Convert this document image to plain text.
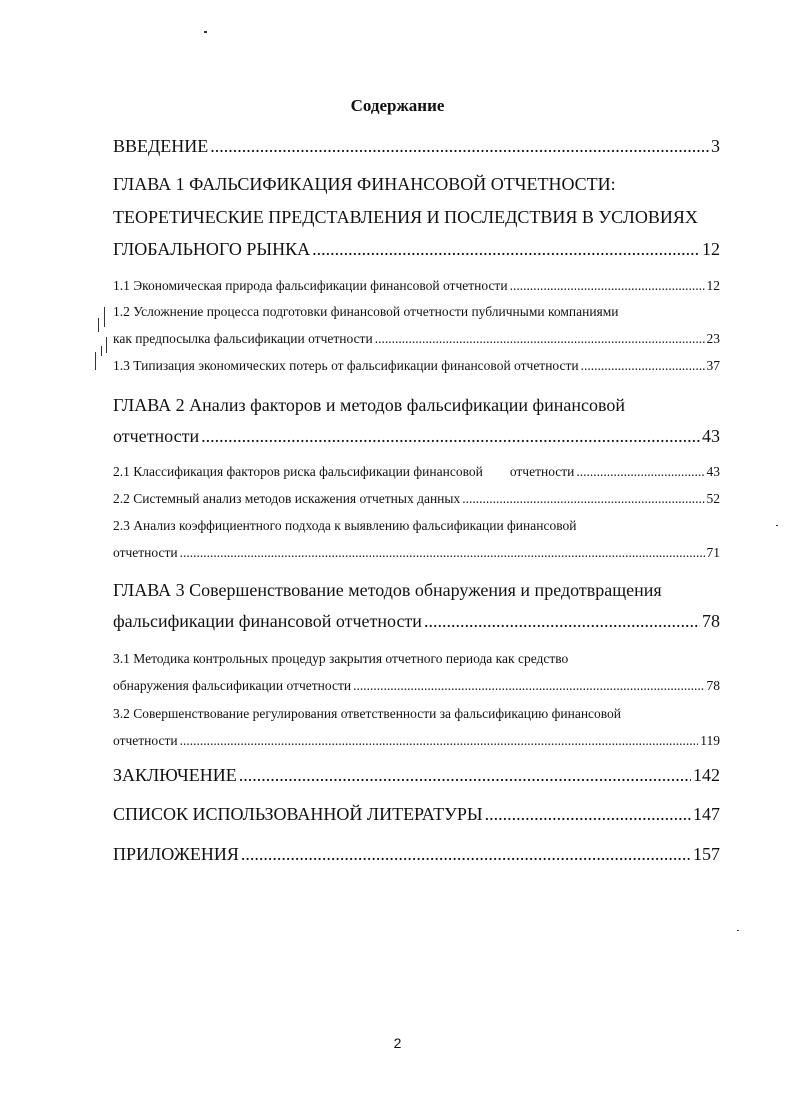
Содержание
ВВЕДЕНИЕ .....	3
ГЛАВА 1 ФАЛЬСИФИКАЦИЯ ФИНАНСОВОЙ ОТЧЕТНОСТИ:
ТЕОРЕТИЧЕСКИЕ ПРЕДСТАВЛЕНИЯ И ПОСЛЕДСТВИЯ В УСЛОВИЯХ
ГЛОБАЛЬНОГО РЫНКА .....	12
1.1 Экономическая природа фальсификации финансовой отчетности .....	12
1.2 Усложнение процесса подготовки финансовой отчетности публичными компаниями
как предпосылка фальсификации отчетности .....	23
1.3 Типизация экономических потерь от фальсификации финансовой отчетности .....	37
ГЛАВА 2 Анализ факторов и методов фальсификации финансовой
отчетности .....	43
2.1 Классификация факторов риска фальсификации финансовой        отчетности .....	43
2.2 Системный анализ методов искажения отчетных данных .....	52
2.3 Анализ коэффициентного подхода к выявлению фальсификации финансовой
отчетности .....	71
ГЛАВА 3 Совершенствование методов обнаружения и предотвращения
фальсификации финансовой отчетности .....	78
3.1 Методика контрольных процедур закрытия отчетного периода как средство
обнаружения фальсификации отчетности .....	78
3.2 Совершенствование регулирования ответственности за фальсификацию финансовой
отчетности .....	119
ЗАКЛЮЧЕНИЕ .....	142
СПИСОК ИСПОЛЬЗОВАННОЙ ЛИТЕРАТУРЫ .....	147
ПРИЛОЖЕНИЯ .....	157
2
